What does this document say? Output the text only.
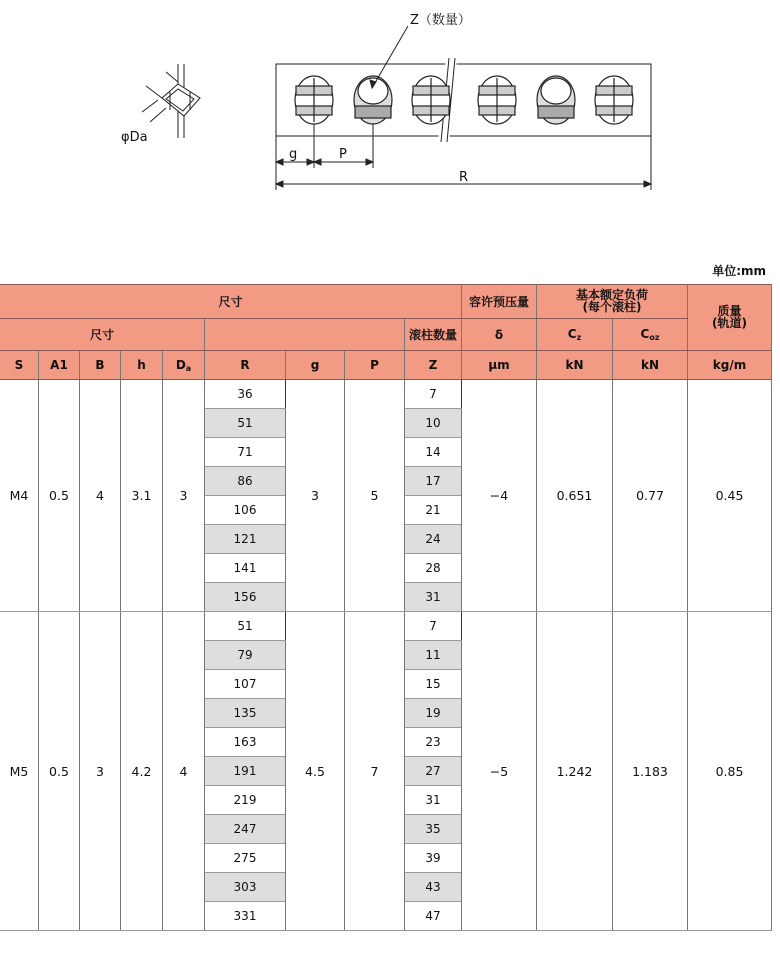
φDa
Z（数量）
g	P
R
单位:mm
尺寸									容许预压量	基本额定负荷
(每个滚柱)		质量
(轨道)
尺寸								滚柱数量	δ	$C_z$	$C_{oz}$
S	A1	B	h	$D_a$	R	g	P	Z	μm	kN	kN	kg/m
M4	0.5	4	3.1	3	36	3	5	7	−4	0.651	0.77	0.45
					51			10				
					71			14				
					86			17				
					106			21				
					121			24				
					141			28				
					156			31				
M5	0.5	3	4.2	4	51	4.5	7	7	−5	1.242	1.183	0.85
					79			11				
					107			15				
					135			19				
					163			23				
					191			27				
					219			31				
					247			35				
					275			39				
					303			43				
					331			47				
